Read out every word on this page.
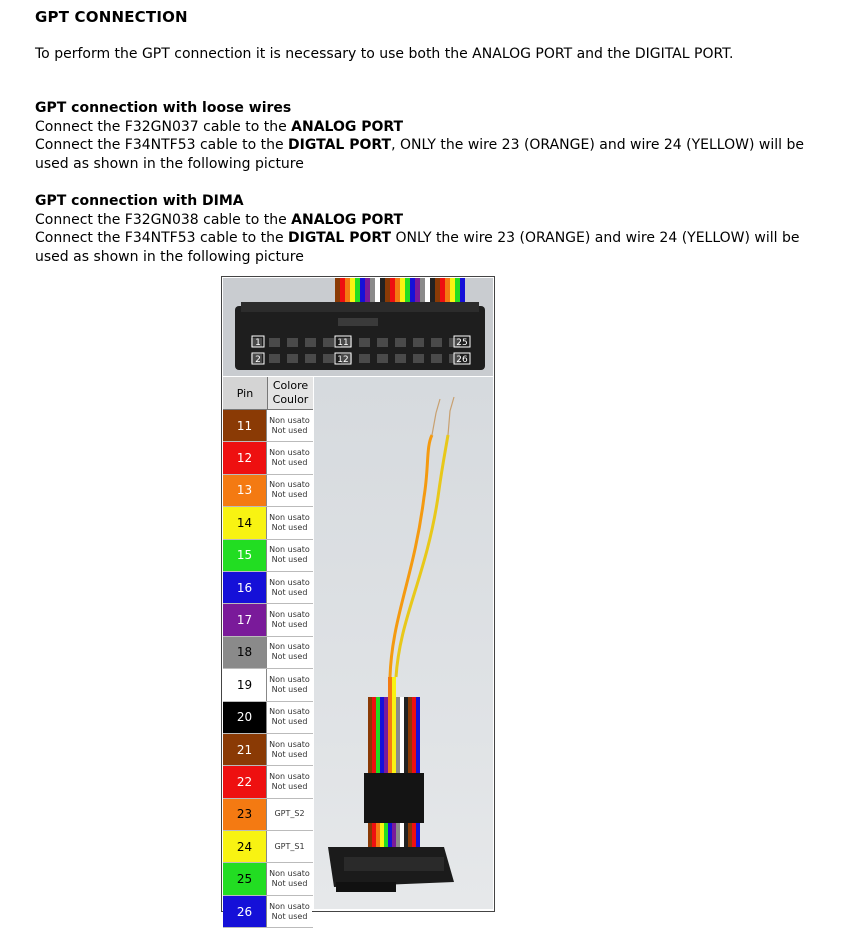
GPT CONNECTION
To perform the GPT connection it is necessary to use both the ANALOG PORT and the DIGITAL PORT.
GPT connection with loose wires
Connect the F32GN037 cable to the ANALOG PORT
Connect the F34NTF53 cable to the DIGTAL PORT, ONLY the wire 23 (ORANGE) and wire 24 (YELLOW) will be used as shown in the following picture
GPT connection with DIMA
Connect the F32GN038 cable to the ANALOG PORT
Connect the F34NTF53 cable to the DIGTAL PORT ONLY the wire 23 (ORANGE) and wire 24 (YELLOW) will be used as shown in the following picture
1
2
11
12
25
26
Pin
Colore
Coulor
11	Non usato
Not used
12	Non usato
Not used
13	Non usato
Not used
14	Non usato
Not used
15	Non usato
Not used
16	Non usato
Not used
17	Non usato
Not used
18	Non usato
Not used
19	Non usato
Not used
20	Non usato
Not used
21	Non usato
Not used
22	Non usato
Not used
23	GPT_S2
24	GPT_S1
25	Non usato
Not used
26	Non usato
Not used
